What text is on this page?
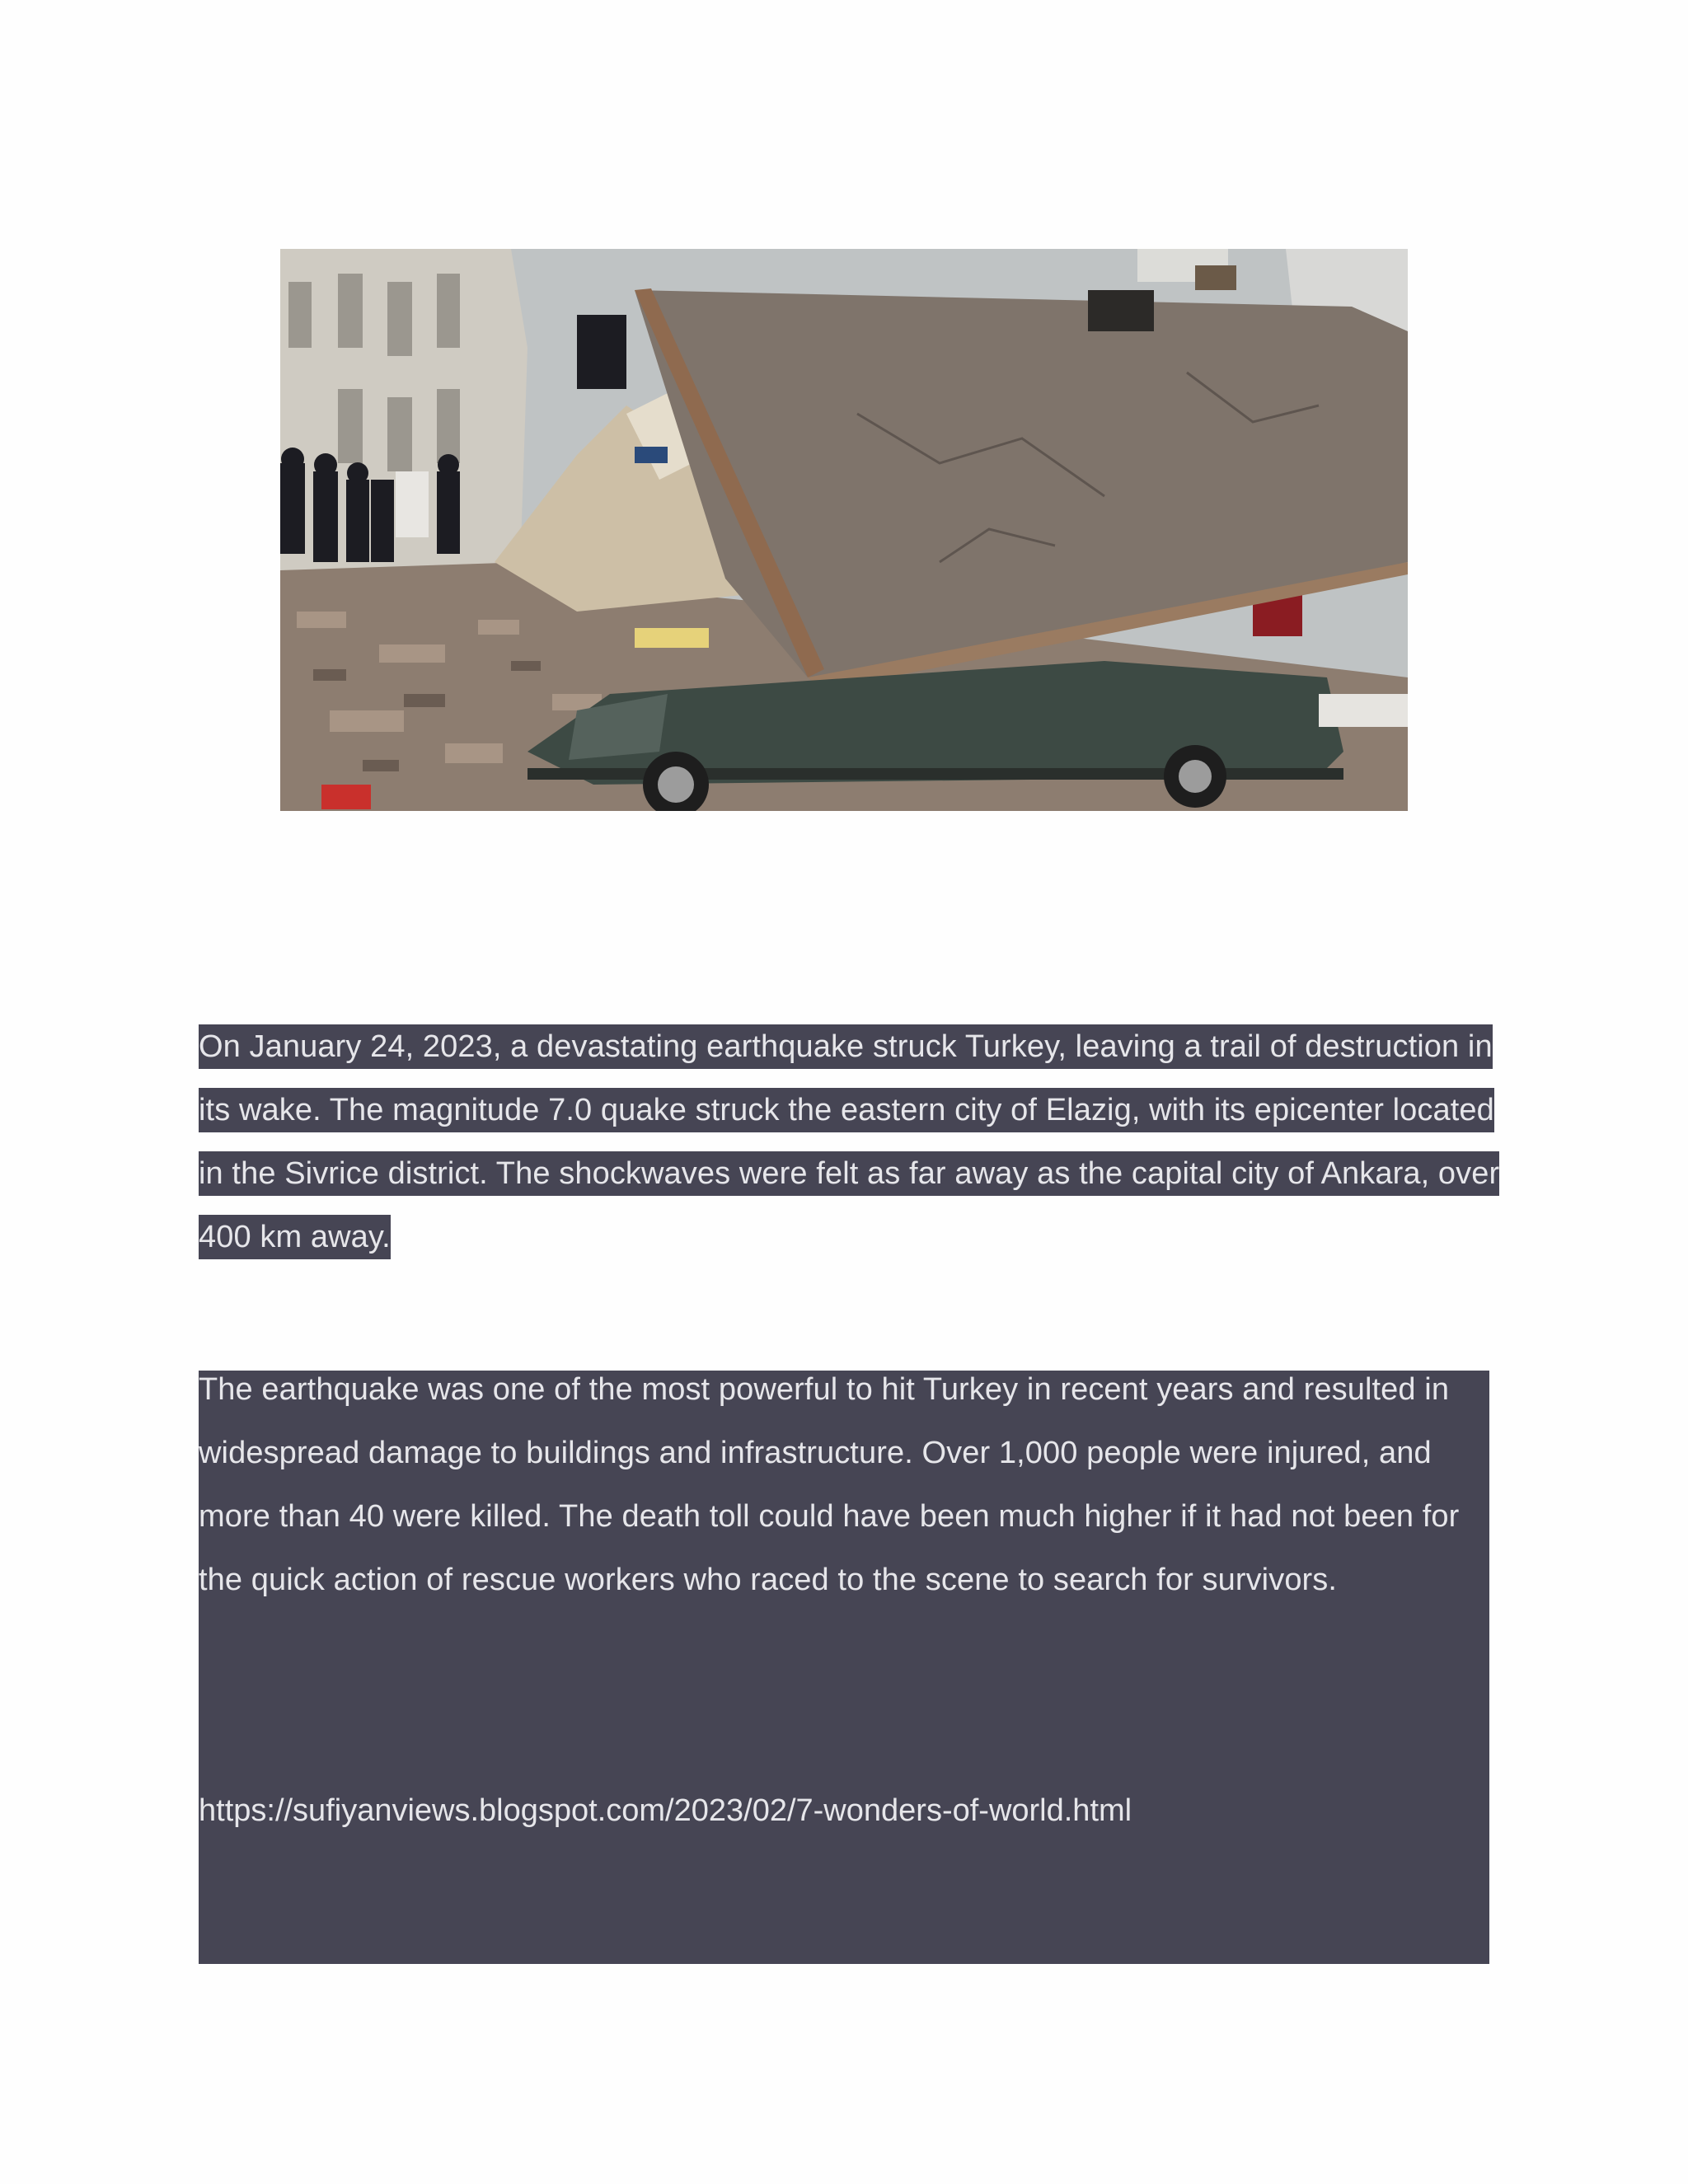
On January 24, 2023, a devastating earthquake struck Turkey, leaving a trail of destruction in its wake. The magnitude 7.0 quake struck the eastern city of Elazig, with its epicenter located in the Sivrice district. The shockwaves were felt as far away as the capital city of Ankara, over 400 km away.
The earthquake was one of the most powerful to hit Turkey in recent years and resulted in widespread damage to buildings and infrastructure. Over 1,000 people were injured, and more than 40 were killed. The death toll could have been much higher if it had not been for the quick action of rescue workers who raced to the scene to search for survivors.
https://sufiyanviews.blogspot.com/2023/02/7-wonders-of-world.html
